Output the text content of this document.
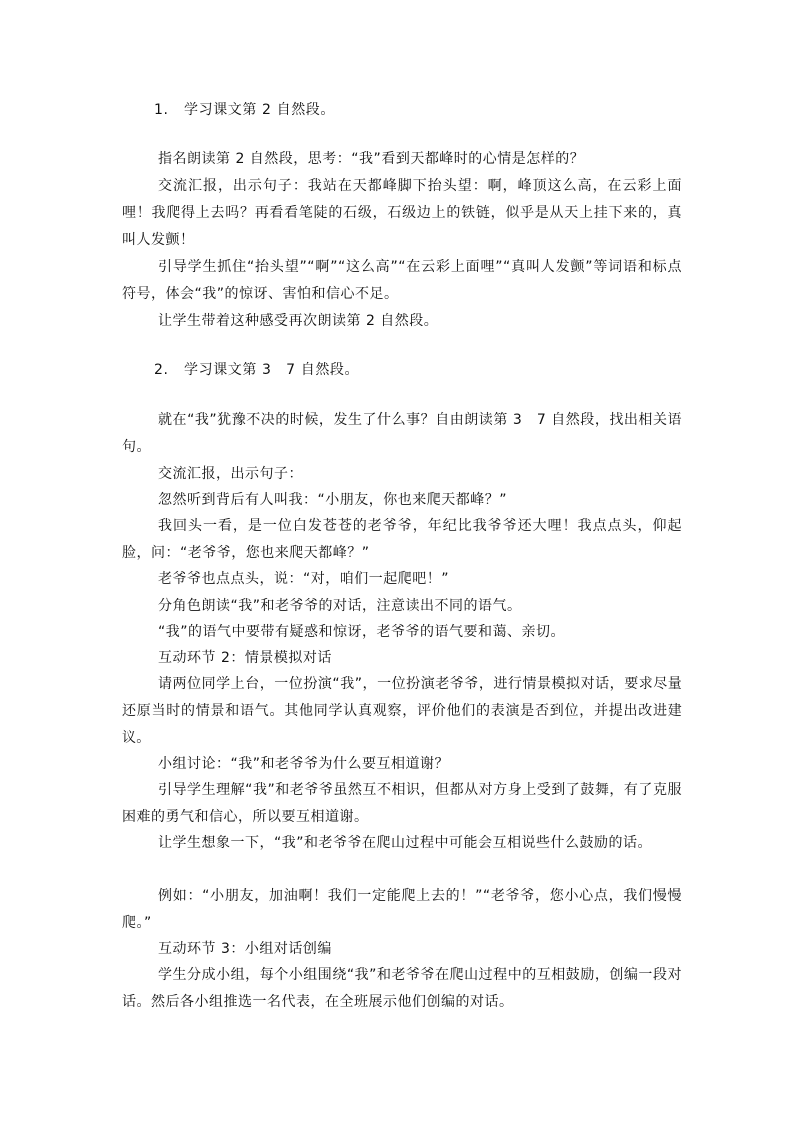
1. 学习课文第 2 自然段。

指名朗读第 2 自然段，思考：“我”看到天都峰时的心情是怎样的？

交流汇报，出示句子：我站在天都峰脚下抬头望：啊，峰顶这么高，在云彩上面哩！我爬得上去吗？再看看笔陡的石级，石级边上的铁链，似乎是从天上挂下来的，真叫人发颤！

引导学生抓住“抬头望”“啊”“这么高”“在云彩上面哩”“真叫人发颤”等词语和标点符号，体会“我”的惊讶、害怕和信心不足。

让学生带着这种感受再次朗读第 2 自然段。

2. 学习课文第 3　7 自然段。

就在“我”犹豫不决的时候，发生了什么事？自由朗读第 3　7 自然段，找出相关语句。

交流汇报，出示句子：

忽然听到背后有人叫我：“小朋友，你也来爬天都峰？”

我回头一看，是一位白发苍苍的老爷爷，年纪比我爷爷还大哩！我点点头，仰起脸，问：“老爷爷，您也来爬天都峰？”

老爷爷也点点头，说：“对，咱们一起爬吧！”

分角色朗读“我”和老爷爷的对话，注意读出不同的语气。

“我”的语气中要带有疑惑和惊讶，老爷爷的语气要和蔼、亲切。

互动环节 2：情景模拟对话

请两位同学上台，一位扮演“我”，一位扮演老爷爷，进行情景模拟对话，要求尽量还原当时的情景和语气。其他同学认真观察，评价他们的表演是否到位，并提出改进建议。

小组讨论：“我”和老爷爷为什么要互相道谢？

引导学生理解“我”和老爷爷虽然互不相识，但都从对方身上受到了鼓舞，有了克服困难的勇气和信心，所以要互相道谢。

让学生想象一下，“我”和老爷爷在爬山过程中可能会互相说些什么鼓励的话。

例如：“小朋友，加油啊！我们一定能爬上去的！”“老爷爷，您小心点，我们慢慢爬。”

互动环节 3：小组对话创编

学生分成小组，每个小组围绕“我”和老爷爷在爬山过程中的互相鼓励，创编一段对话。然后各小组推选一名代表，在全班展示他们创编的对话。
